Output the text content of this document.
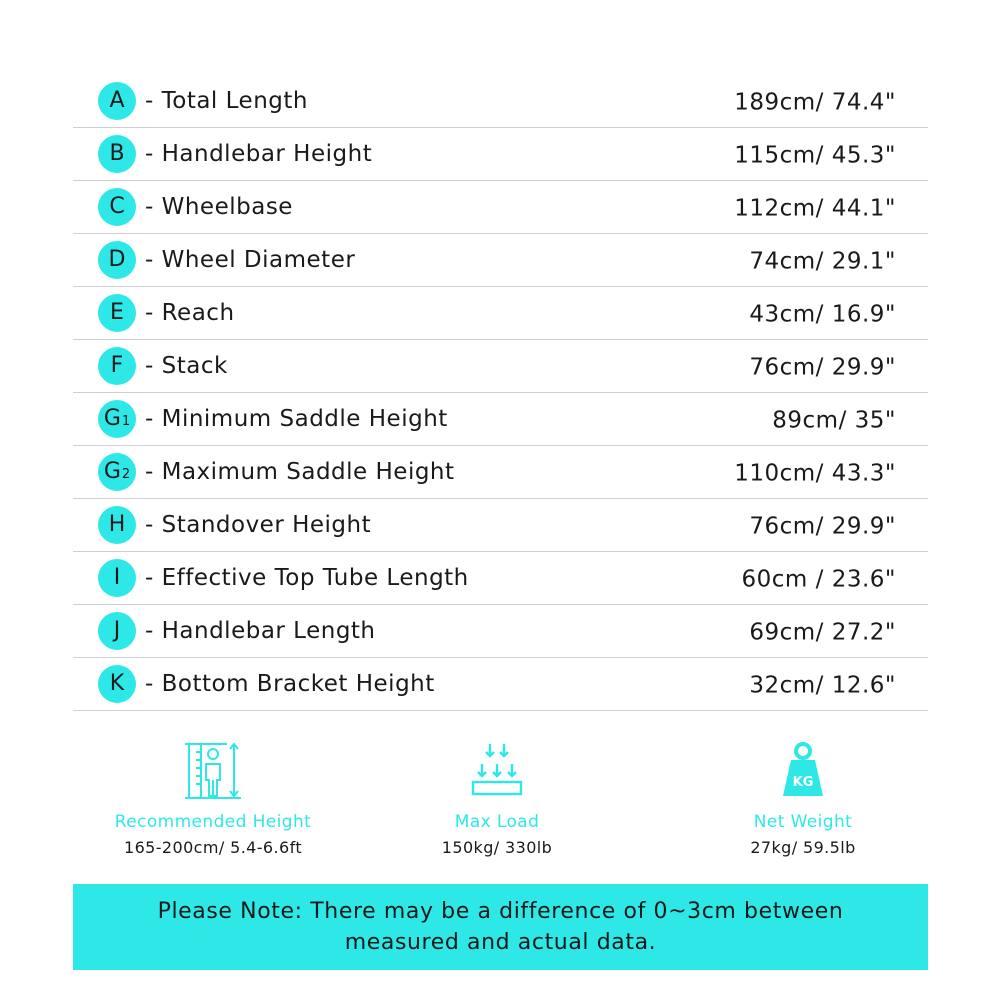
A - Total Length	189cm/ 74.4"
B - Handlebar Height	115cm/ 45.3"
C - Wheelbase	112cm/ 44.1"
D - Wheel Diameter	74cm/ 29.1"
E - Reach	43cm/ 16.9"
F - Stack	76cm/ 29.9"
$G_1$ - Minimum Saddle Height	89cm/ 35"
$G_2$ - Maximum Saddle Height	110cm/ 43.3"
H - Standover Height	76cm/ 29.9"
I - Effective Top Tube Length	60cm / 23.6"
J - Handlebar Length	69cm/ 27.2"
K - Bottom Bracket Height	32cm/ 12.6"
Recommended Height
165-200cm/ 5.4-6.6ft
Max Load
150kg/ 330lb
KG
Net Weight
27kg/ 59.5lb
Please Note: There may be a difference of 0~3cm between measured and actual data.
